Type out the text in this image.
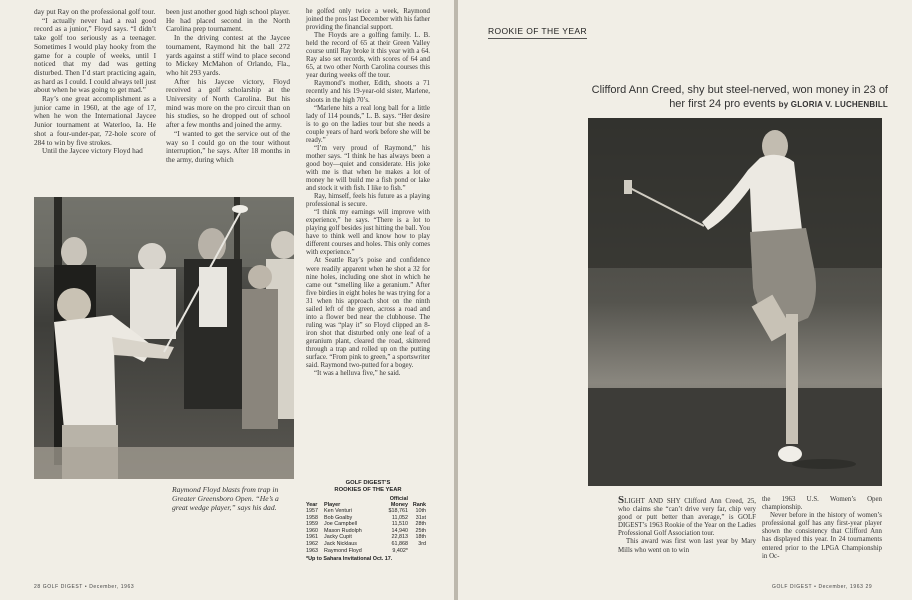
day put Ray on the professional golf tour.

“I actually never had a real good record as a junior,” Floyd says. “I didn’t take golf too seriously as a teenager. Sometimes I would play hooky from the game for a couple of weeks, until I noticed that my dad was getting disturbed. Then I’d start practicing again, as hard as I could. I could always tell just about when he was going to get mad.”

Ray’s one great accomplishment as a junior came in 1960, at the age of 17, when he won the International Jaycee Junior tournament at Waterloo, Ia. He shot a four-under-par, 72-hole score of 284 to win by five strokes.

Until the Jaycee victory Floyd had

been just another good high school player. He had placed second in the North Carolina prep tournament.

In the driving contest at the Jaycee tournament, Raymond hit the ball 272 yards against a stiff wind to place second to Mickey McMahon of Orlando, Fla., who hit 293 yards.

After his Jaycee victory, Floyd received a golf scholarship at the University of North Carolina. But his mind was more on the pro circuit than on his studies, so he dropped out of school after a few months and joined the army.

“I wanted to get the service out of the way so I could go on the tour without interruption,” he says. After 18 months in the army, during which

he golfed only twice a week, Raymond joined the pros last December with his father providing the financial support.

The Floyds are a golfing family. L. B. held the record of 65 at their Green Valley course until Ray broke it this year with a 64. Ray also set records, with scores of 64 and 65, at two other North Carolina courses this year during weeks off the tour.

Raymond’s mother, Edith, shoots a 71 recently and his 19-year-old sister, Marlene, shoots in the high 70’s.

“Marlene hits a real long ball for a little lady of 114 pounds,” L. B. says. “Her desire is to go on the ladies tour but she needs a couple years of hard work before she will be ready.”

“I’m very proud of Raymond,” his mother says. “I think he has always been a good boy—quiet and considerate. His joke with me is that when he makes a lot of money he will build me a fish pond or lake and stock it with fish. I like to fish.”

Ray, himself, feels his future as a playing professional is secure.

“I think my earnings will improve with experience,” he says. “There is a lot to playing golf besides just hitting the ball. You have to think well and know how to play different courses and holes. This only comes with experience.”

At Seattle Ray’s poise and confidence were readily apparent when he shot a 32 for nine holes, including one shot in which he came out “smelling like a geranium.” After five birdies in eight holes he was trying for a 31 when his approach shot on the ninth sailed left of the green, across a road and into a flower bed near the clubhouse. The ruling was “play it” so Floyd clipped an 8-iron shot that disturbed only one leaf of a geranium plant, cleared the road, skittered through a trap and rolled up on the putting surface. “From pink to green,” a sportswriter said. Raymond two-putted for a bogey.

“It was a helluva five,” he said.

Raymond Floyd blasts from trap in Greater Greensboro Open. “He’s a great wedge player,” says his dad.
GOLF DIGEST’S
ROOKIES OF THE YEAR
Official
Year	Player	Money Rank
1957	Ken Venturi	$18,761	10th
1958	Bob Goalby	11,052	31st
1959	Joe Campbell	11,510	28th
1960	Mason Rudolph	14,940	25th
1961	Jacky Cupit	22,813	18th
1962	Jack Nicklaus	61,868	3rd
1963	Raymond Floyd	9,402*
*Up to Sahara Invitational Oct. 17.
28 GOLF DIGEST • December, 1963
ROOKIE OF THE YEAR
Clifford Ann Creed, shy but steel-nerved, won money in 23 of her first 24 pro events by GLORIA V. LUCHENBILL

SLIGHT AND SHY Clifford Ann Creed, 25, who claims she “can’t drive very far, chip very good or putt better than average,” is GOLF DIGEST’s 1963 Rookie of the Year on the Ladies Professional Golf Association tour.

This award was first won last year by Mary Mills who went on to win

the 1963 U.S. Women’s Open championship.

Never before in the history of women’s professional golf has any first-year player shown the consistency that Clifford Ann has displayed this year. In 24 tournaments entered prior to the LPGA Championship in Oc-

GOLF DIGEST • December, 1963 29
